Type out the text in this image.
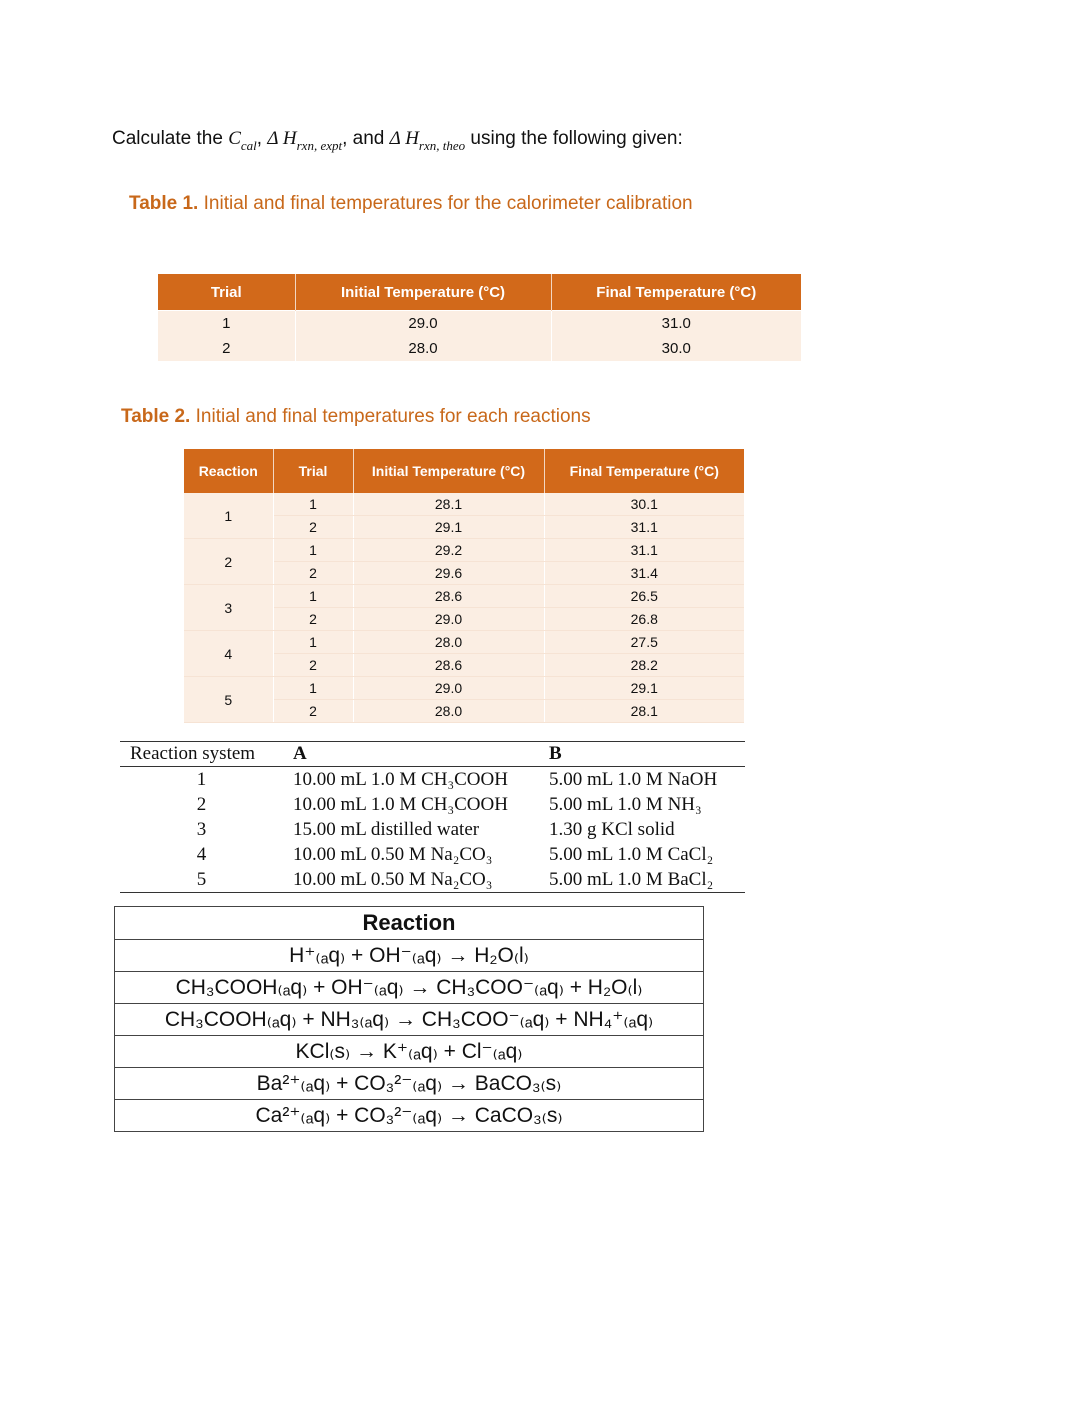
Calculate the $C_{cal}$, Δ $H_{rxn, expt}$, and Δ $H_{rxn, theo}$ using the following given:
Table 1. Initial and final temperatures for the calorimeter calibration
Trial	Initial Temperature (°C)	Final Temperature (°C)
1	29.0	31.0
2	28.0	30.0
Table 2. Initial and final temperatures for each reactions
Reaction	Trial	Initial Temperature (°C)	Final Temperature (°C)
1	1	28.1	30.1
	2	29.1	31.1
2	1	29.2	31.1
	2	29.6	31.4
3	1	28.6	26.5
	2	29.0	26.8
4	1	28.0	27.5
	2	28.6	28.2
5	1	29.0	29.1
	2	28.0	28.1
Reaction system	A	B
1	10.00 mL 1.0 M CH₃COOH	5.00 mL 1.0 M NaOH
2	10.00 mL 1.0 M CH₃COOH	5.00 mL 1.0 M NH₃
3	15.00 mL distilled water	1.30 g KCl solid
4	10.00 mL 0.50 M Na₂CO₃	5.00 mL 1.0 M CaCl₂
5	10.00 mL 0.50 M Na₂CO₃	5.00 mL 1.0 M BaCl₂
Reaction
H⁺₍ₐq₎ + OH⁻₍ₐq₎ → H₂O₍l₎
CH₃COOH₍ₐq₎ + OH⁻₍ₐq₎ → CH₃COO⁻₍ₐq₎ + H₂O₍l₎
CH₃COOH₍ₐq₎ + NH₃₍ₐq₎ → CH₃COO⁻₍ₐq₎ + NH₄⁺₍ₐq₎
KCl₍s₎ → K⁺₍ₐq₎ + Cl⁻₍ₐq₎
Ba²⁺₍ₐq₎ + CO₃²⁻₍ₐq₎ → BaCO₃₍s₎
Ca²⁺₍ₐq₎ + CO₃²⁻₍ₐq₎ → CaCO₃₍s₎
